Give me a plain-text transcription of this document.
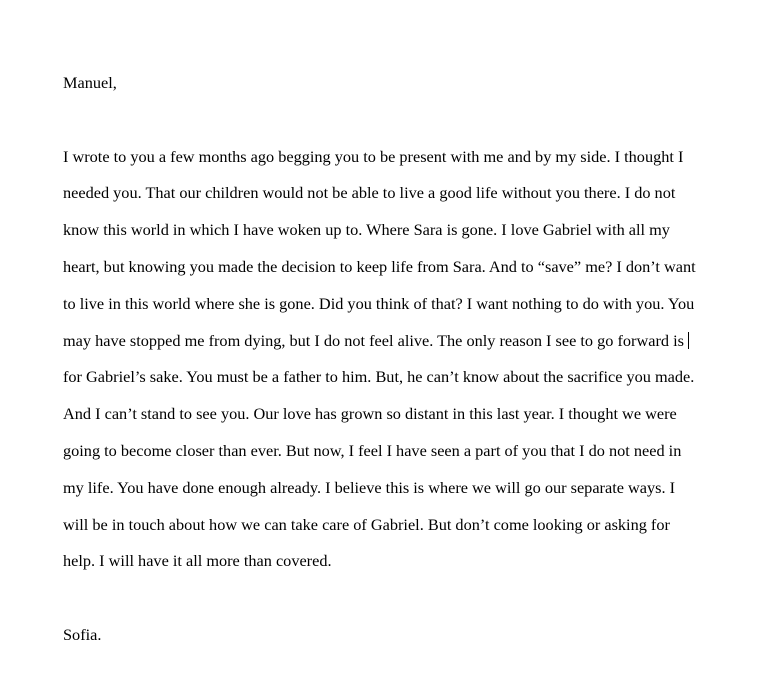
Manuel,
I wrote to you a few months ago begging you to be present with me and by my side. I thought I
needed you. That our children would not be able to live a good life without you there. I do not
know this world in which I have woken up to. Where Sara is gone. I love Gabriel with all my
heart, but knowing you made the decision to keep life from Sara. And to “save” me? I don’t want
to live in this world where she is gone. Did you think of that? I want nothing to do with you. You
may have stopped me from dying, but I do not feel alive. The only reason I see to go forward is
for Gabriel’s sake. You must be a father to him. But, he can’t know about the sacrifice you made.
And I can’t stand to see you. Our love has grown so distant in this last year. I thought we were
going to become closer than ever. But now, I feel I have seen a part of you that I do not need in
my life. You have done enough already. I believe this is where we will go our separate ways. I
will be in touch about how we can take care of Gabriel. But don’t come looking or asking for
help. I will have it all more than covered.
Sofia.
